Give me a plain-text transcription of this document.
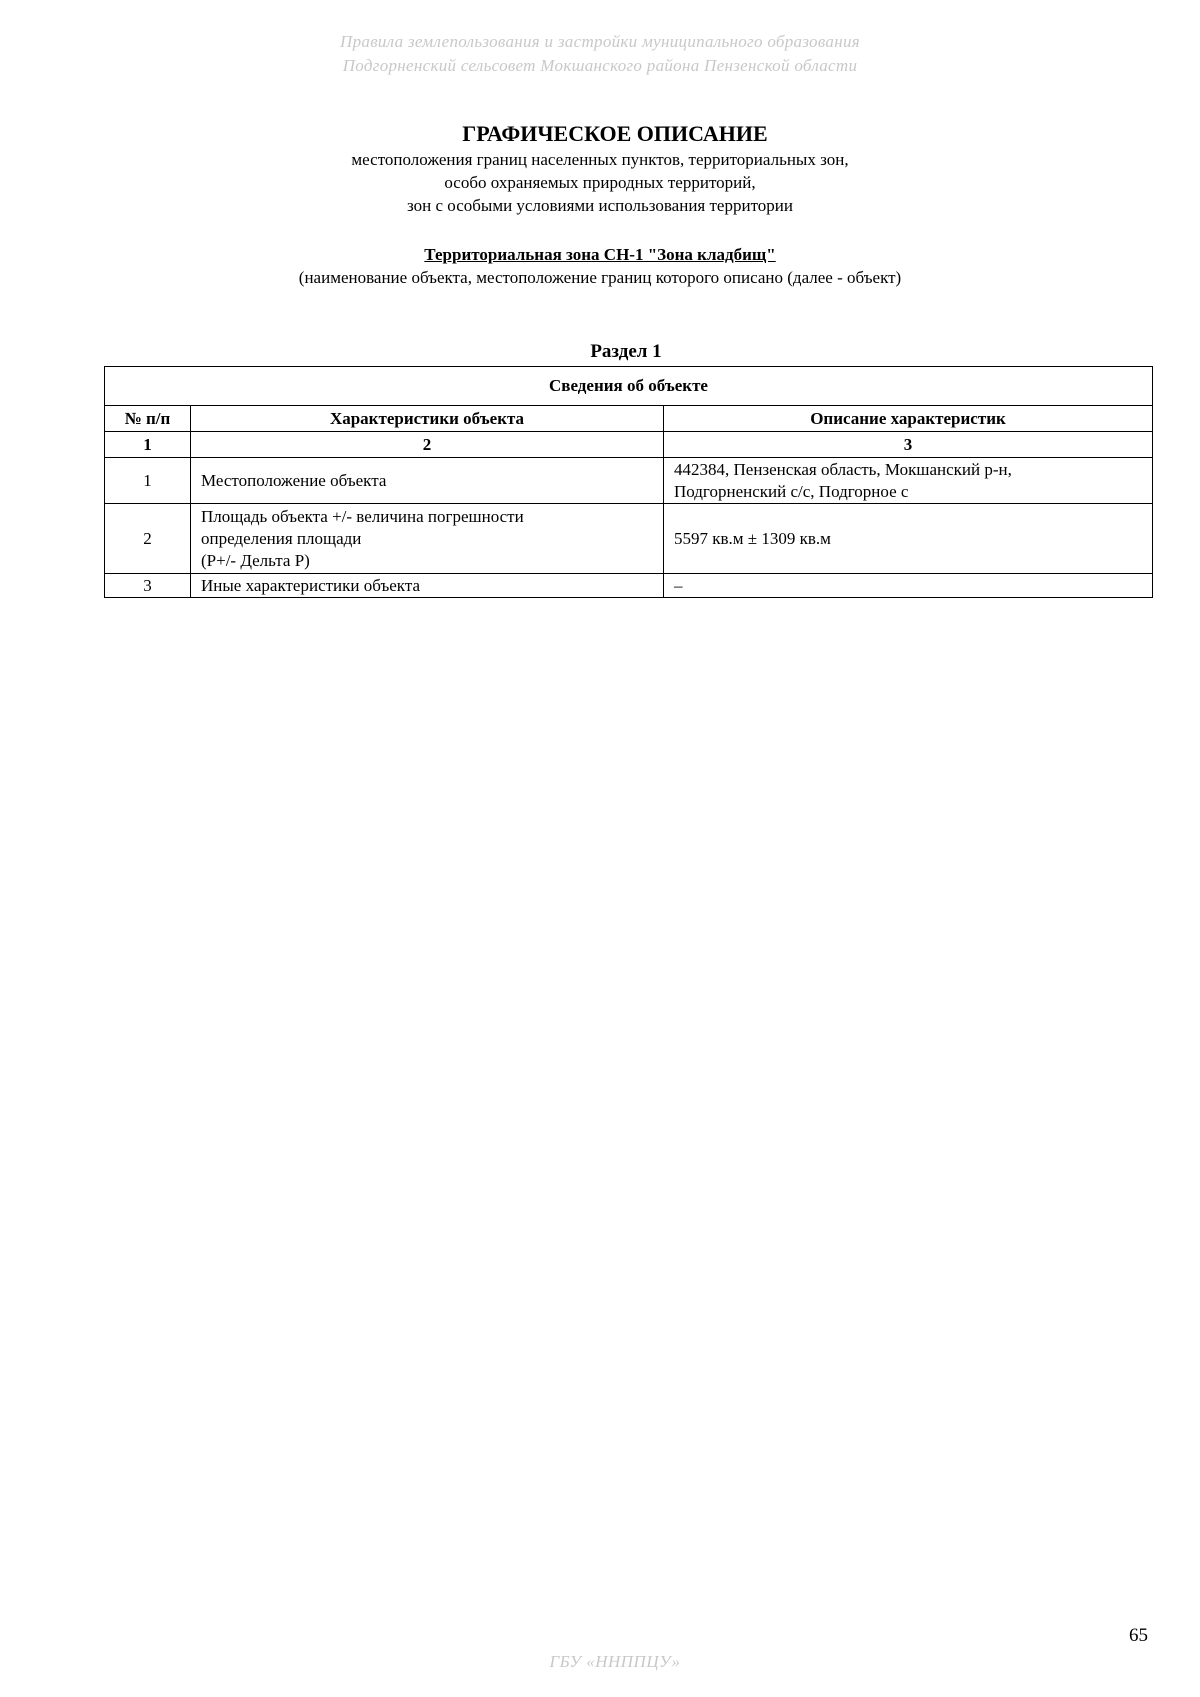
Правила землепользования и застройки муниципального образования
Подгорненский сельсовет Мокшанского района Пензенской области
ГРАФИЧЕСКОЕ ОПИСАНИЕ
местоположения границ населенных пунктов, территориальных зон,
особо охраняемых природных территорий,
зон с особыми условиями использования территории
Территориальная зона СН-1 "Зона кладбищ"
(наименование объекта, местоположение границ которого описано (далее - объект)
Раздел 1
Сведения об объекте		
№ п/п	Характеристики объекта	Описание характеристик
1	2	3
1	Местоположение объекта	442384, Пензенская область, Мокшанский р-н,
Подгорненский с/с, Подгорное с

2	Площадь объекта +/- величина погрешности
определения площади
(Р+/- Дельта Р)	5597 кв.м ± 1309 кв.м

3	Иные характеристики объекта	–
65
ГБУ «ННППЦУ»
